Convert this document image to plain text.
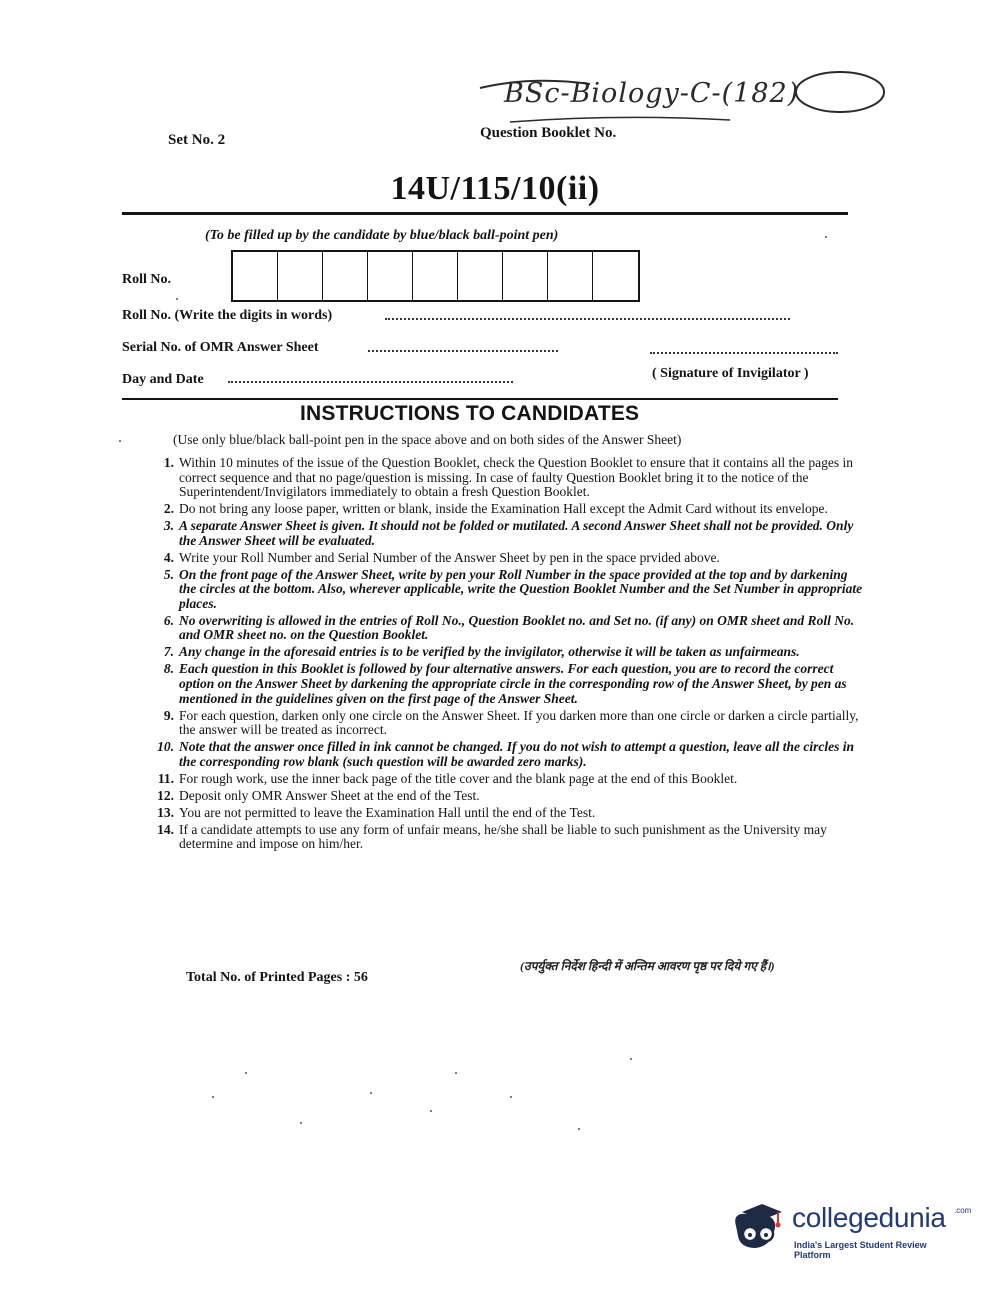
BSc-Biology-C-(182)
Set No. 2	Question Booklet No.
14U/115/10(ii)
(To be filled up by the candidate by blue/black ball-point pen)
Roll No.
Roll No. (Write the digits in words)
Serial No. of OMR Answer Sheet
Day and Date	( Signature of Invigilator )
INSTRUCTIONS TO CANDIDATES
(Use only blue/black ball-point pen in the space above and on both sides of the Answer Sheet)
1. Within 10 minutes of the issue of the Question Booklet, check the Question Booklet to ensure that it contains all the pages in correct sequence and that no page/question is missing. In case of faulty Question Booklet bring it to the notice of the Superintendent/Invigilators immediately to obtain a fresh Question Booklet.
2. Do not bring any loose paper, written or blank, inside the Examination Hall except the Admit Card without its envelope.
3. A separate Answer Sheet is given. It should not be folded or mutilated. A second Answer Sheet shall not be provided. Only the Answer Sheet will be evaluated.
4. Write your Roll Number and Serial Number of the Answer Sheet by pen in the space prvided above.
5. On the front page of the Answer Sheet, write by pen your Roll Number in the space provided at the top and by darkening the circles at the bottom. Also, wherever applicable, write the Question Booklet Number and the Set Number in appropriate places.
6. No overwriting is allowed in the entries of Roll No., Question Booklet no. and Set no. (if any) on OMR sheet and Roll No. and OMR sheet no. on the Question Booklet.
7. Any change in the aforesaid entries is to be verified by the invigilator, otherwise it will be taken as unfairmeans.
8. Each question in this Booklet is followed by four alternative answers. For each question, you are to record the correct option on the Answer Sheet by darkening the appropriate circle in the corresponding row of the Answer Sheet, by pen as mentioned in the guidelines given on the first page of the Answer Sheet.
9. For each question, darken only one circle on the Answer Sheet. If you darken more than one circle or darken a circle partially, the answer will be treated as incorrect.
10. Note that the answer once filled in ink cannot be changed. If you do not wish to attempt a question, leave all the circles in the corresponding row blank (such question will be awarded zero marks).
11. For rough work, use the inner back page of the title cover and the blank page at the end of this Booklet.
12. Deposit only OMR Answer Sheet at the end of the Test.
13. You are not permitted to leave the Examination Hall until the end of the Test.
14. If a candidate attempts to use any form of unfair means, he/she shall be liable to such punishment as the University may determine and impose on him/her.
Total No. of Printed Pages : 56
(उपर्युक्त निर्देश हिन्दी में अन्तिम आवरण पृष्ठ पर दिये गए हैं।)
collegedunia .com
India's Largest Student Review Platform
